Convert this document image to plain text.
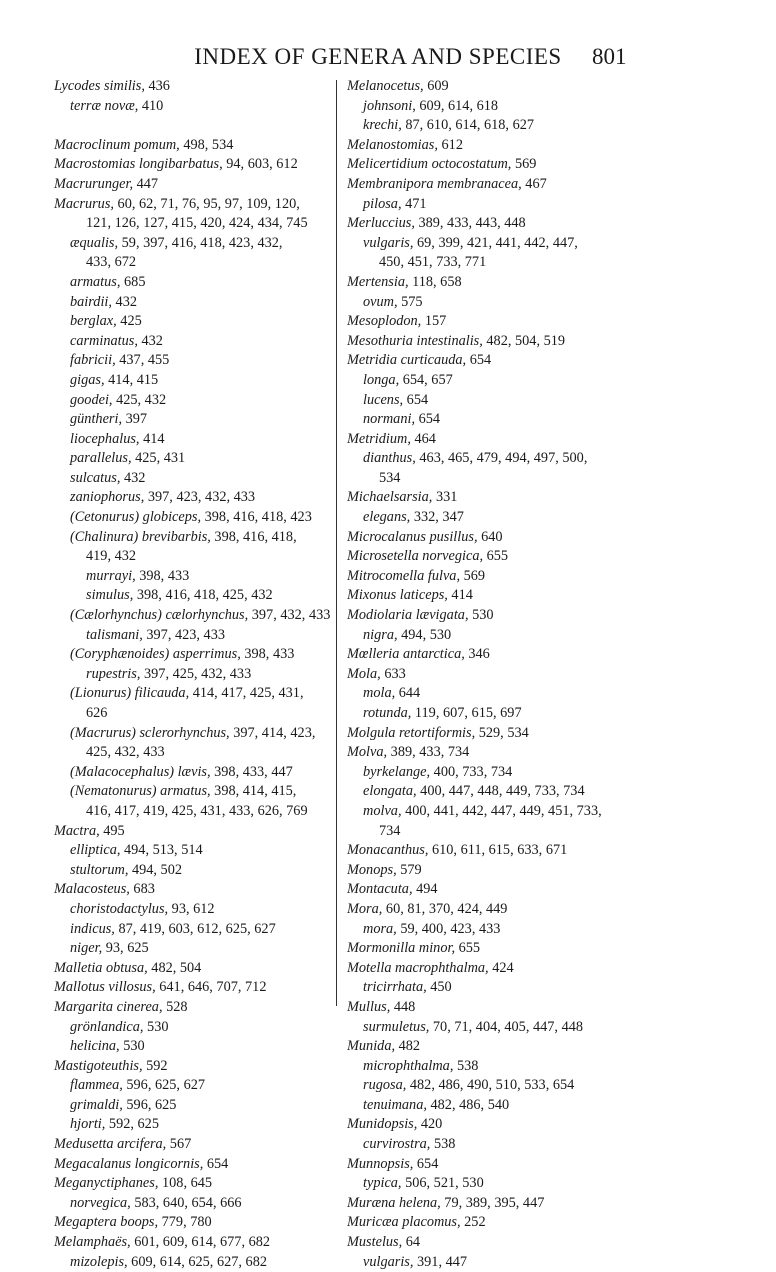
INDEX OF GENERA AND SPECIES	801
Lycodes similis, 436
terræ novæ, 410
Macroclinum pomum, 498, 534
Macrostomias longibarbatus, 94, 603, 612
Macrurunger, 447
Macrurus, 60, 62, 71, 76, 95, 97, 109, 120,
121, 126, 127, 415, 420, 424, 434, 745
æqualis, 59, 397, 416, 418, 423, 432,
433, 672
armatus, 685
bairdii, 432
berglax, 425
carminatus, 432
fabricii, 437, 455
gigas, 414, 415
goodei, 425, 432
güntheri, 397
liocephalus, 414
parallelus, 425, 431
sulcatus, 432
zaniophorus, 397, 423, 432, 433
(Cetonurus) globiceps, 398, 416, 418, 423
(Chalinura) brevibarbis, 398, 416, 418,
419, 432
murrayi, 398, 433
simulus, 398, 416, 418, 425, 432
(Cælorhynchus) cælorhynchus, 397, 432, 433
talismani, 397, 423, 433
(Coryphænoides) asperrimus, 398, 433
rupestris, 397, 425, 432, 433
(Lionurus) filicauda, 414, 417, 425, 431,
626
(Macrurus) sclerorhynchus, 397, 414, 423,
425, 432, 433
(Malacocephalus) lævis, 398, 433, 447
(Nematonurus) armatus, 398, 414, 415,
416, 417, 419, 425, 431, 433, 626, 769
Mactra, 495
elliptica, 494, 513, 514
stultorum, 494, 502
Malacosteus, 683
choristodactylus, 93, 612
indicus, 87, 419, 603, 612, 625, 627
niger, 93, 625
Malletia obtusa, 482, 504
Mallotus villosus, 641, 646, 707, 712
Margarita cinerea, 528
grönlandica, 530
helicina, 530
Mastigoteuthis, 592
flammea, 596, 625, 627
grimaldi, 596, 625
hjorti, 592, 625
Medusetta arcifera, 567
Megacalanus longicornis, 654
Meganyctiphanes, 108, 645
norvegica, 583, 640, 654, 666
Megaptera boops, 779, 780
Melamphaës, 601, 609, 614, 677, 682
mizolepis, 609, 614, 625, 627, 682
Melanocetus, 609
johnsoni, 609, 614, 618
krechi, 87, 610, 614, 618, 627
Melanostomias, 612
Melicertidium octocostatum, 569
Membranipora membranacea, 467
pilosa, 471
Merluccius, 389, 433, 443, 448
vulgaris, 69, 399, 421, 441, 442, 447,
450, 451, 733, 771
Mertensia, 118, 658
ovum, 575
Mesoplodon, 157
Mesothuria intestinalis, 482, 504, 519
Metridia curticauda, 654
longa, 654, 657
lucens, 654
normani, 654
Metridium, 464
dianthus, 463, 465, 479, 494, 497, 500,
534
Michaelsarsia, 331
elegans, 332, 347
Microcalanus pusillus, 640
Microsetella norvegica, 655
Mitrocomella fulva, 569
Mixonus laticeps, 414
Modiolaria lævigata, 530
nigra, 494, 530
Mœlleria antarctica, 346
Mola, 633
mola, 644
rotunda, 119, 607, 615, 697
Molgula retortiformis, 529, 534
Molva, 389, 433, 734
byrkelange, 400, 733, 734
elongata, 400, 447, 448, 449, 733, 734
molva, 400, 441, 442, 447, 449, 451, 733,
734
Monacanthus, 610, 611, 615, 633, 671
Monops, 579
Montacuta, 494
Mora, 60, 81, 370, 424, 449
mora, 59, 400, 423, 433
Mormonilla minor, 655
Motella macrophthalma, 424
tricirrhata, 450
Mullus, 448
surmuletus, 70, 71, 404, 405, 447, 448
Munida, 482
microphthalma, 538
rugosa, 482, 486, 490, 510, 533, 654
tenuimana, 482, 486, 540
Munidopsis, 420
curvirostra, 538
Munnopsis, 654
typica, 506, 521, 530
Muræna helena, 79, 389, 395, 447
Muricæa placomus, 252
Mustelus, 64
vulgaris, 391, 447
